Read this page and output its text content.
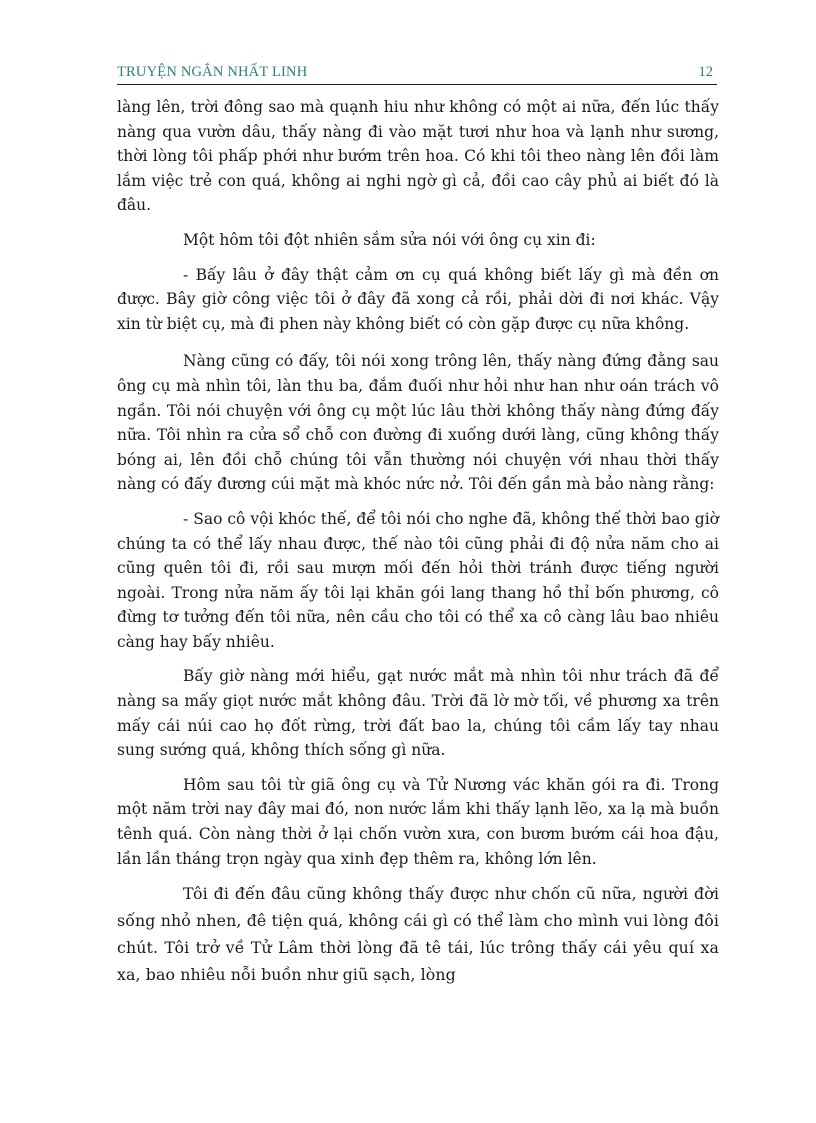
TRUYỆN NGẮN NHẤT LINH	12

làng lên, trời đông sao mà quạnh hiu như không có một ai nữa, đến lúc thấy nàng qua vườn dâu, thấy nàng đi vào mặt tươi như hoa và lạnh như sương, thời lòng tôi phấp phới như bướm trên hoa. Có khi tôi theo nàng lên đồi làm lắm việc trẻ con quá, không ai nghi ngờ gì cả, đồi cao cây phủ ai biết đó là đâu.

Một hôm tôi đột nhiên sắm sửa nói với ông cụ xin đi:

- Bấy lâu ở đây thật cảm ơn cụ quá không biết lấy gì mà đền ơn được. Bây giờ công việc tôi ở đây đã xong cả rồi, phải dời đi nơi khác. Vậy xin từ biệt cụ, mà đi phen này không biết có còn gặp được cụ nữa không.

Nàng cũng có đấy, tôi nói xong trông lên, thấy nàng đứng đằng sau ông cụ mà nhìn tôi, làn thu ba, đắm đuối như hỏi như han như oán trách vô ngần. Tôi nói chuyện với ông cụ một lúc lâu thời không thấy nàng đứng đấy nữa. Tôi nhìn ra cửa sổ chỗ con đường đi xuống dưới làng, cũng không thấy bóng ai, lên đồi chỗ chúng tôi vẫn thường nói chuyện với nhau thời thấy nàng có đấy đương cúi mặt mà khóc nức nở. Tôi đến gần mà bảo nàng rằng:

- Sao cô vội khóc thế, để tôi nói cho nghe đã, không thế thời bao giờ chúng ta có thể lấy nhau được, thế nào tôi cũng phải đi độ nửa năm cho ai cũng quên tôi đi, rồi sau mượn mối đến hỏi thời tránh được tiếng người ngoài. Trong nửa năm ấy tôi lại khăn gói lang thang hồ thỉ bốn phương, cô đừng tơ tưởng đến tôi nữa, nên cầu cho tôi có thể xa cô càng lâu bao nhiêu càng hay bấy nhiêu.

Bấy giờ nàng mới hiểu, gạt nước mắt mà nhìn tôi như trách đã để nàng sa mấy giọt nước mắt không đâu. Trời đã lờ mờ tối, về phương xa trên mấy cái núi cao họ đốt rừng, trời đất bao la, chúng tôi cầm lấy tay nhau sung sướng quá, không thích sống gì nữa.

Hôm sau tôi từ giã ông cụ và Tử Nương vác khăn gói ra đi. Trong một năm trời nay đây mai đó, non nước lắm khi thấy lạnh lẽo, xa lạ mà buồn tênh quá. Còn nàng thời ở lại chốn vườn xưa, con bươm bướm cái hoa đậu, lần lần tháng trọn ngày qua xinh đẹp thêm ra, không lớn lên.

Tôi đi đến đâu cũng không thấy được như chốn cũ nữa, người đời sống nhỏ nhen, đê tiện quá, không cái gì có thể làm cho mình vui lòng đôi chút. Tôi trở về Tử Lâm thời lòng đã tê tái, lúc trông thấy cái yêu quí xa xa, bao nhiêu nỗi buồn như giũ sạch, lòng
